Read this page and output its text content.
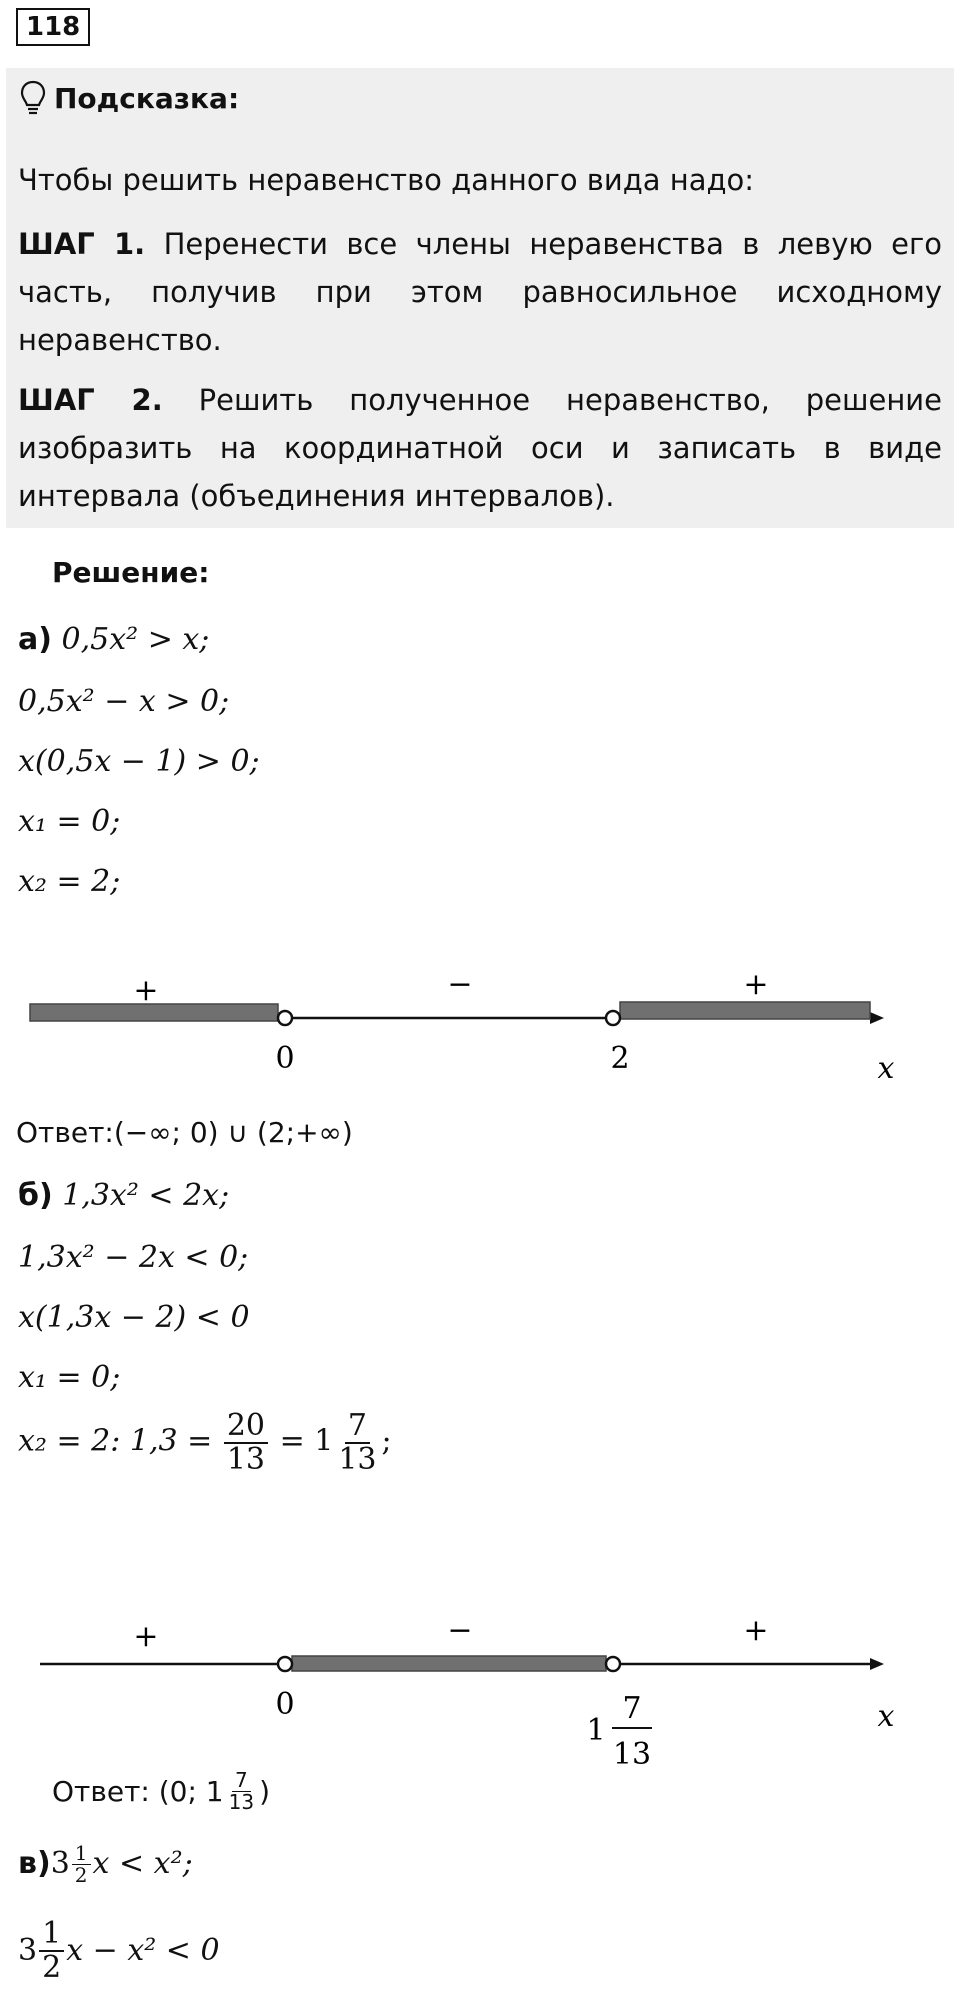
118
Подсказка:
Чтобы решить неравенство данного вида надо:
ШАГ 1. Перенести все члены неравенства в левую его часть, получив при этом равносильное исходному неравенство.
ШАГ 2. Решить полученное неравенство, решение изобразить на координатной оси и записать в виде интервала (объединения интервалов).
Решение:
а) 0,5x² > x;
0,5x² − x > 0;
x(0,5x − 1) > 0;
x₁ = 0;
x₂ = 2;
+	−	+
0	2	x
Ответ:(−∞; 0) ∪ (2;+∞)
б) 1,3x² < 2x;
1,3x² − 2x < 0;
x(1,3x − 2) < 0
x₁ = 0;
x₂ = 2: $1,3 = \frac{20}{13} = 1 \frac{7}{13}$ ;
+	−	+
0
1
7
13
x
Ответ: (0; $1 \frac{7}{13}$ )
в) $3 \frac{1}{2}$ x < x²;
$3 \frac{1}{2}$ x − x² < 0
